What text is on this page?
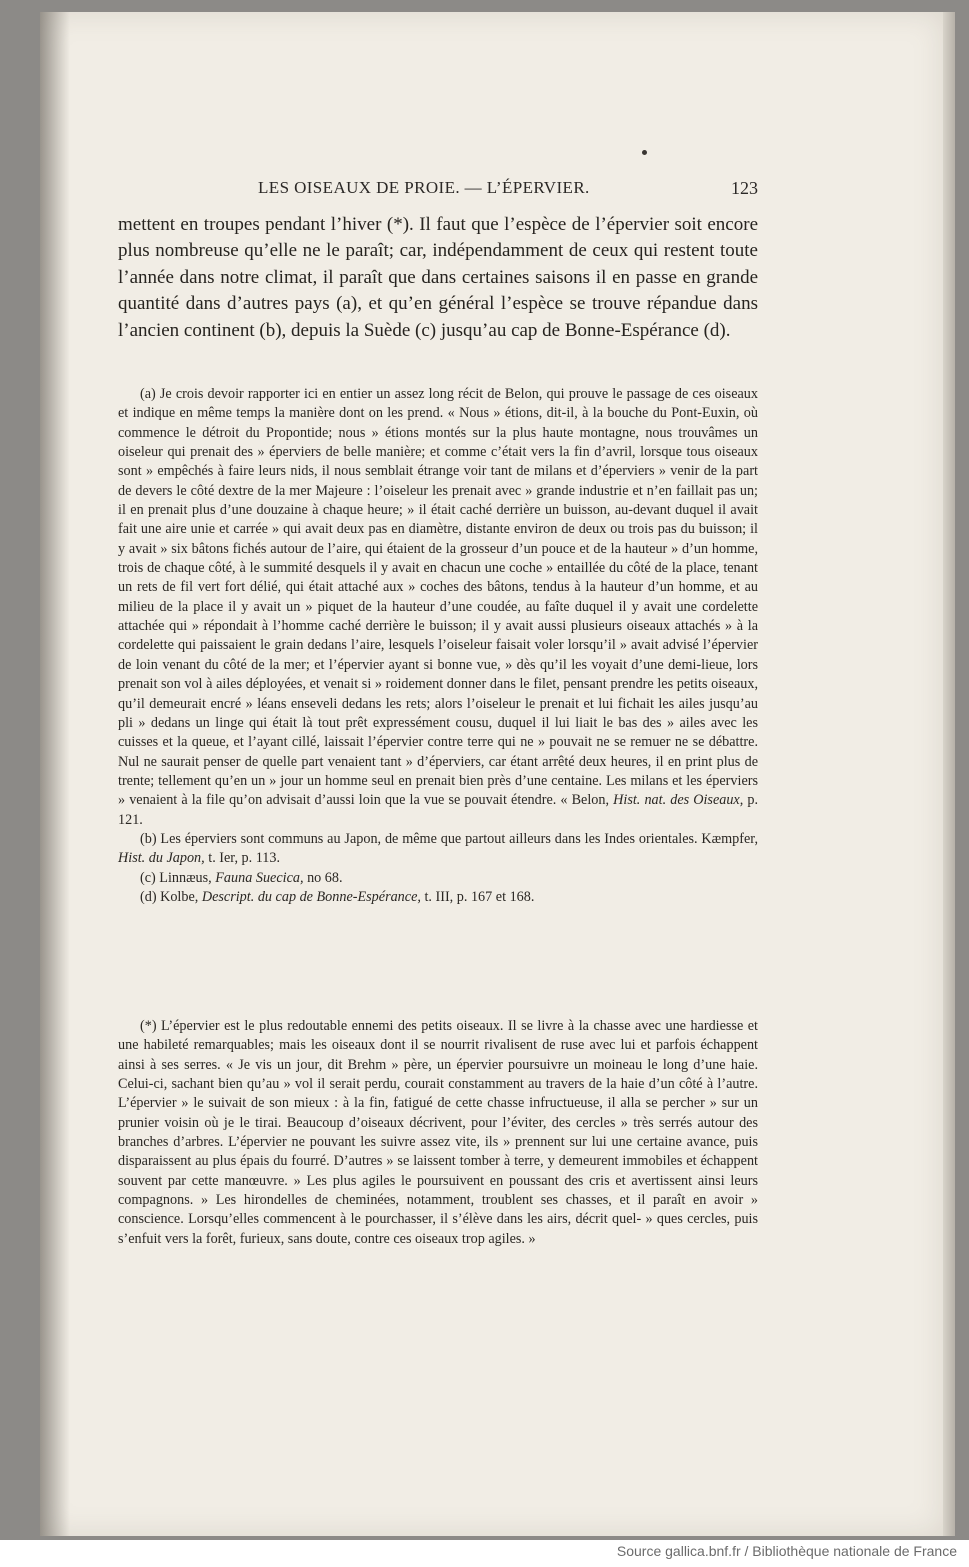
LES OISEAUX DE PROIE. — L’ÉPERVIER.	123
mettent en troupes pendant l’hiver (*). Il faut que l’espèce de l’épervier soit encore plus nombreuse qu’elle ne le paraît; car, indépendamment de ceux qui restent toute l’année dans notre climat, il paraît que dans certaines saisons il en passe en grande quantité dans d’autres pays (a), et qu’en général l’espèce se trouve répandue dans l’ancien continent (b), depuis la Suède (c) jusqu’au cap de Bonne-Espérance (d).

(a) Je crois devoir rapporter ici en entier un assez long récit de Belon, qui prouve le passage de ces oiseaux et indique en même temps la manière dont on les prend. « Nous » étions, dit-il, à la bouche du Pont-Euxin, où commence le détroit du Propontide; nous » étions montés sur la plus haute montagne, nous trouvâmes un oiseleur qui prenait des » éperviers de belle manière; et comme c’était vers la fin d’avril, lorsque tous oiseaux sont » empêchés à faire leurs nids, il nous semblait étrange voir tant de milans et d’éperviers » venir de la part de devers le côté dextre de la mer Majeure : l’oiseleur les prenait avec » grande industrie et n’en faillait pas un; il en prenait plus d’une douzaine à chaque heure; » il était caché derrière un buisson, au-devant duquel il avait fait une aire unie et carrée » qui avait deux pas en diamètre, distante environ de deux ou trois pas du buisson; il y avait » six bâtons fichés autour de l’aire, qui étaient de la grosseur d’un pouce et de la hauteur » d’un homme, trois de chaque côté, à le summité desquels il y avait en chacun une coche » entaillée du côté de la place, tenant un rets de fil vert fort délié, qui était attaché aux » coches des bâtons, tendus à la hauteur d’un homme, et au milieu de la place il y avait un » piquet de la hauteur d’une coudée, au faîte duquel il y avait une cordelette attachée qui » répondait à l’homme caché derrière le buisson; il y avait aussi plusieurs oiseaux attachés » à la cordelette qui paissaient le grain dedans l’aire, lesquels l’oiseleur faisait voler lorsqu’il » avait advisé l’épervier de loin venant du côté de la mer; et l’épervier ayant si bonne vue, » dès qu’il les voyait d’une demi-lieue, lors prenait son vol à ailes déployées, et venait si » roidement donner dans le filet, pensant prendre les petits oiseaux, qu’il demeurait encré » léans enseveli dedans les rets; alors l’oiseleur le prenait et lui fichait les ailes jusqu’au pli » dedans un linge qui était là tout prêt expressément cousu, duquel il lui liait le bas des » ailes avec les cuisses et la queue, et l’ayant cillé, laissait l’épervier contre terre qui ne » pouvait ne se remuer ne se débattre. Nul ne saurait penser de quelle part venaient tant » d’éperviers, car étant arrêté deux heures, il en print plus de trente; tellement qu’en un » jour un homme seul en prenait bien près d’une centaine. Les milans et les éperviers » venaient à la file qu’on advisait d’aussi loin que la vue se pouvait étendre. « Belon, Hist. nat. des Oiseaux, p. 121.

(b) Les éperviers sont communs au Japon, de même que partout ailleurs dans les Indes orientales. Kæmpfer, Hist. du Japon, t. Ier, p. 113.

(c) Linnæus, Fauna Suecica, no 68.

(d) Kolbe, Descript. du cap de Bonne-Espérance, t. III, p. 167 et 168.

(*) L’épervier est le plus redoutable ennemi des petits oiseaux. Il se livre à la chasse avec une hardiesse et une habileté remarquables; mais les oiseaux dont il se nourrit rivalisent de ruse avec lui et parfois échappent ainsi à ses serres. « Je vis un jour, dit Brehm » père, un épervier poursuivre un moineau le long d’une haie. Celui-ci, sachant bien qu’au » vol il serait perdu, courait constamment au travers de la haie d’un côté à l’autre. L’épervier » le suivait de son mieux : à la fin, fatigué de cette chasse infructueuse, il alla se percher » sur un prunier voisin où je le tirai. Beaucoup d’oiseaux décrivent, pour l’éviter, des cercles » très serrés autour des branches d’arbres. L’épervier ne pouvant les suivre assez vite, ils » prennent sur lui une certaine avance, puis disparaissent au plus épais du fourré. D’autres » se laissent tomber à terre, y demeurent immobiles et échappent souvent par cette manœuvre. » Les plus agiles le poursuivent en poussant des cris et avertissent ainsi leurs compagnons. » Les hirondelles de cheminées, notamment, troublent ses chasses, et il paraît en avoir » conscience. Lorsqu’elles commencent à le pourchasser, il s’élève dans les airs, décrit quel- » ques cercles, puis s’enfuit vers la forêt, furieux, sans doute, contre ces oiseaux trop agiles. »

Source gallica.bnf.fr / Bibliothèque nationale de France
